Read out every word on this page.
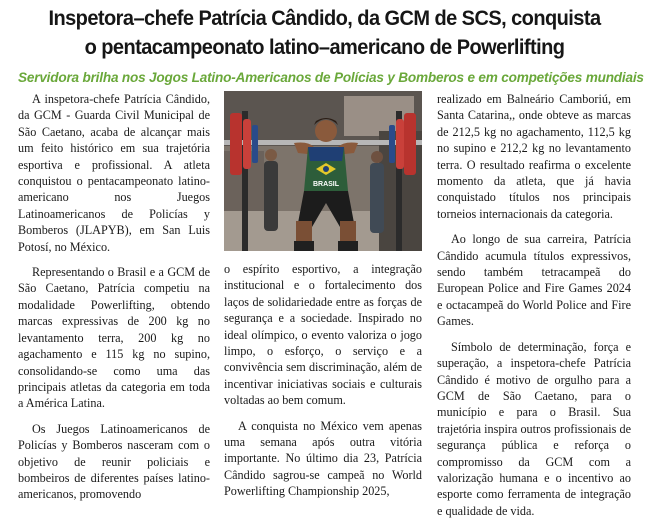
Inspetora–chefe Patrícia Cândido, da GCM de SCS, conquista
o pentacampeonato latino–americano de Powerlifting
Servidora brilha nos Jogos Latino-Americanos de Polícias y Bomberos e em competições mundiais

A inspetora-chefe Patrícia Cândido, da GCM - Guarda Civil Municipal de São Caetano, acaba de alcançar mais um feito histórico em sua trajetória esportiva e profissional. A atleta conquistou o pentacampeonato latino-americano nos Juegos Latinoamericanos de Policías y Bomberos (JLAPYB), em San Luis Potosí, no México.

Representando o Brasil e a GCM de São Caetano, Patrícia competiu na modalidade Powerlifting, obtendo marcas expressivas de 200 kg no levantamento terra, 200 kg no agachamento e 115 kg no supino, consolidando-se como uma das principais atletas da categoria em toda a América Latina.

Os Juegos Latinoamericanos de Policías y Bomberos nasceram com o objetivo de reunir policiais e bombeiros de diferentes países latino-americanos, promovendo

BRASIL

o espírito esportivo, a integração institucional e o fortalecimento dos laços de solidariedade entre as forças de segurança e a sociedade. Inspirado no ideal olímpico, o evento valoriza o jogo limpo, o esforço, o serviço e a convivência sem discriminação, além de incentivar iniciativas sociais e culturais voltadas ao bem comum.

A conquista no México vem apenas uma semana após outra vitória importante. No último dia 23, Patrícia Cândido sagrou-se campeã no World Powerlifting Championship 2025,

realizado em Balneário Camboriú, em Santa Catarina,, onde obteve as marcas de 212,5 kg no agachamento, 112,5 kg no supino e 212,2 kg no levantamento terra. O resultado reafirma o excelente momento da atleta, que já havia conquistado títulos nos principais torneios internacionais da categoria.

Ao longo de sua carreira, Patrícia Cândido acumula títulos expressivos, sendo também tetracampeã do European Police and Fire Games 2024 e octacampeã do World Police and Fire Games.

Símbolo de determinação, força e superação, a inspetora-chefe Patrícia Cândido é motivo de orgulho para a GCM de São Caetano, para o município e para o Brasil. Sua trajetória inspira outros profissionais de segurança pública e reforça o compromisso da GCM com a valorização humana e o incentivo ao esporte como ferramenta de integração e qualidade de vida.
